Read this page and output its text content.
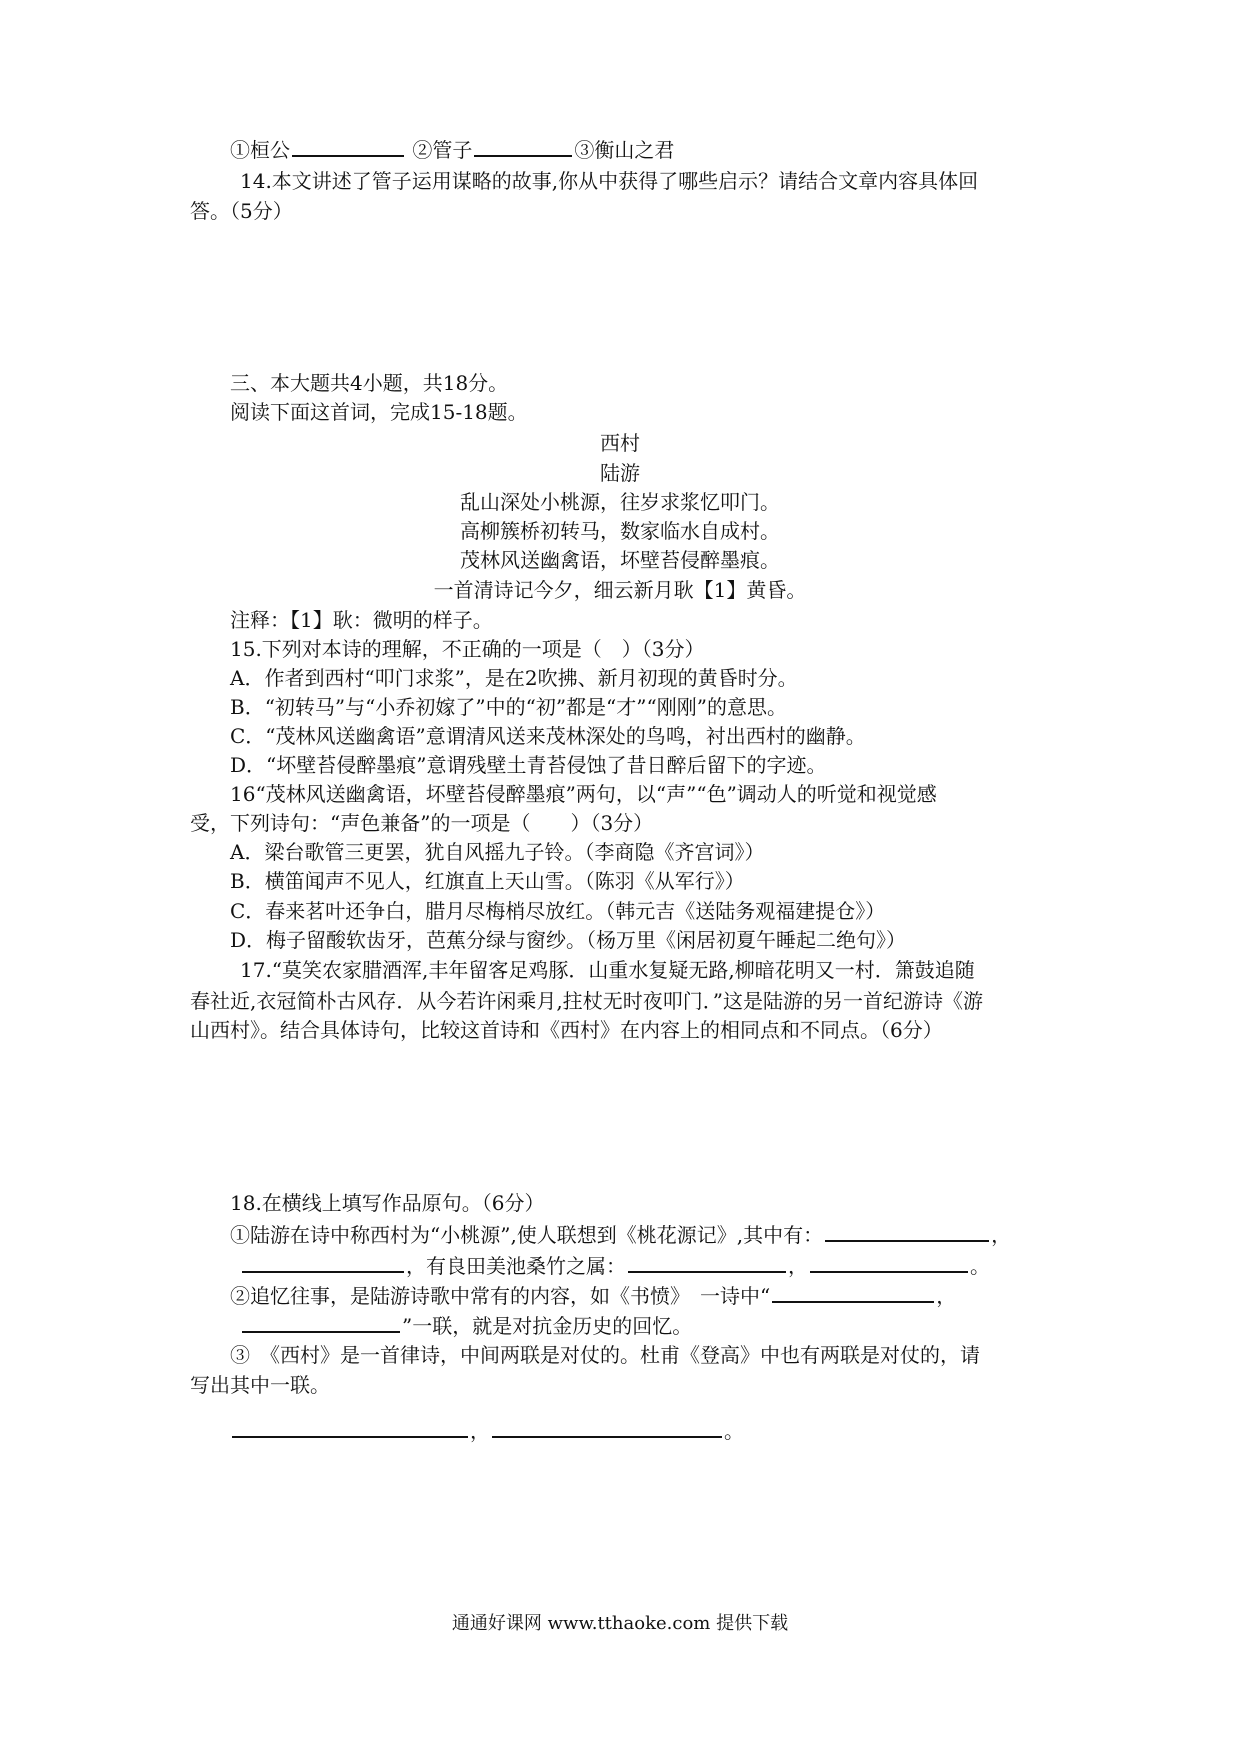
①桓公	②管子	③衡山之君
14.本文讲述了管子运用谋略的故事,你从中获得了哪些启示？请结合文章内容具体回
答。（5分）
三、本大题共4小题，共18分。
阅读下面这首词，完成15-18题。
西村
陆游
乱山深处小桃源，往岁求浆忆叩门。
高柳簇桥初转马，数家临水自成村。
茂林风送幽禽语，坏壁苔侵醉墨痕。
一首清诗记今夕，细云新月耿【1】黄昏。
注释：【1】耿：微明的样子。
15.下列对本诗的理解，不正确的一项是（　）（3分）
A．作者到西村“叩门求浆”，是在2吹拂、新月初现的黄昏时分。
B．“初转马”与“小乔初嫁了”中的“初”都是“才”“刚刚”的意思。
C．“茂林风送幽禽语”意谓清风送来茂林深处的鸟鸣，衬出西村的幽静。
D．“坏壁苔侵醉墨痕”意谓残壁土青苔侵蚀了昔日醉后留下的字迹。
16“茂林风送幽禽语，坏壁苔侵醉墨痕”两句，以“声”“色”调动人的听觉和视觉感
受，下列诗句：“声色兼备”的一项是（　　）（3分）
A．梁台歌管三更罢，犹自风摇九子铃。（李商隐《齐宫词》）
B．横笛闻声不见人，红旗直上天山雪。（陈羽《从军行》）
C．春来茗叶还争白，腊月尽梅梢尽放红。（韩元吉《送陆务观福建提仓》）
D．梅子留酸软齿牙，芭蕉分绿与窗纱。（杨万里《闲居初夏午睡起二绝句》）
17.“莫笑农家腊酒浑,丰年留客足鸡豚．山重水复疑无路,柳暗花明又一村．箫鼓追随
春社近,衣冠简朴古风存．从今若许闲乘月,拄杖无时夜叩门．”这是陆游的另一首纪游诗《游
山西村》。结合具体诗句，比较这首诗和《西村》在内容上的相同点和不同点。（6分）
18.在横线上填写作品原句。（6分）
①陆游在诗中称西村为“小桃源”,使人联想到《桃花源记》,其中有：	，
，有良田美池桑竹之属：	，	。
②追忆往事，是陆游诗歌中常有的内容，如《书愤》　一诗中“	，
”一联，就是对抗金历史的回忆。
③　《西村》是一首律诗，中间两联是对仗的。杜甫《登高》中也有两联是对仗的，请
写出其中一联。
，	。
通通好课网 www.tthaoke.com 提供下载
